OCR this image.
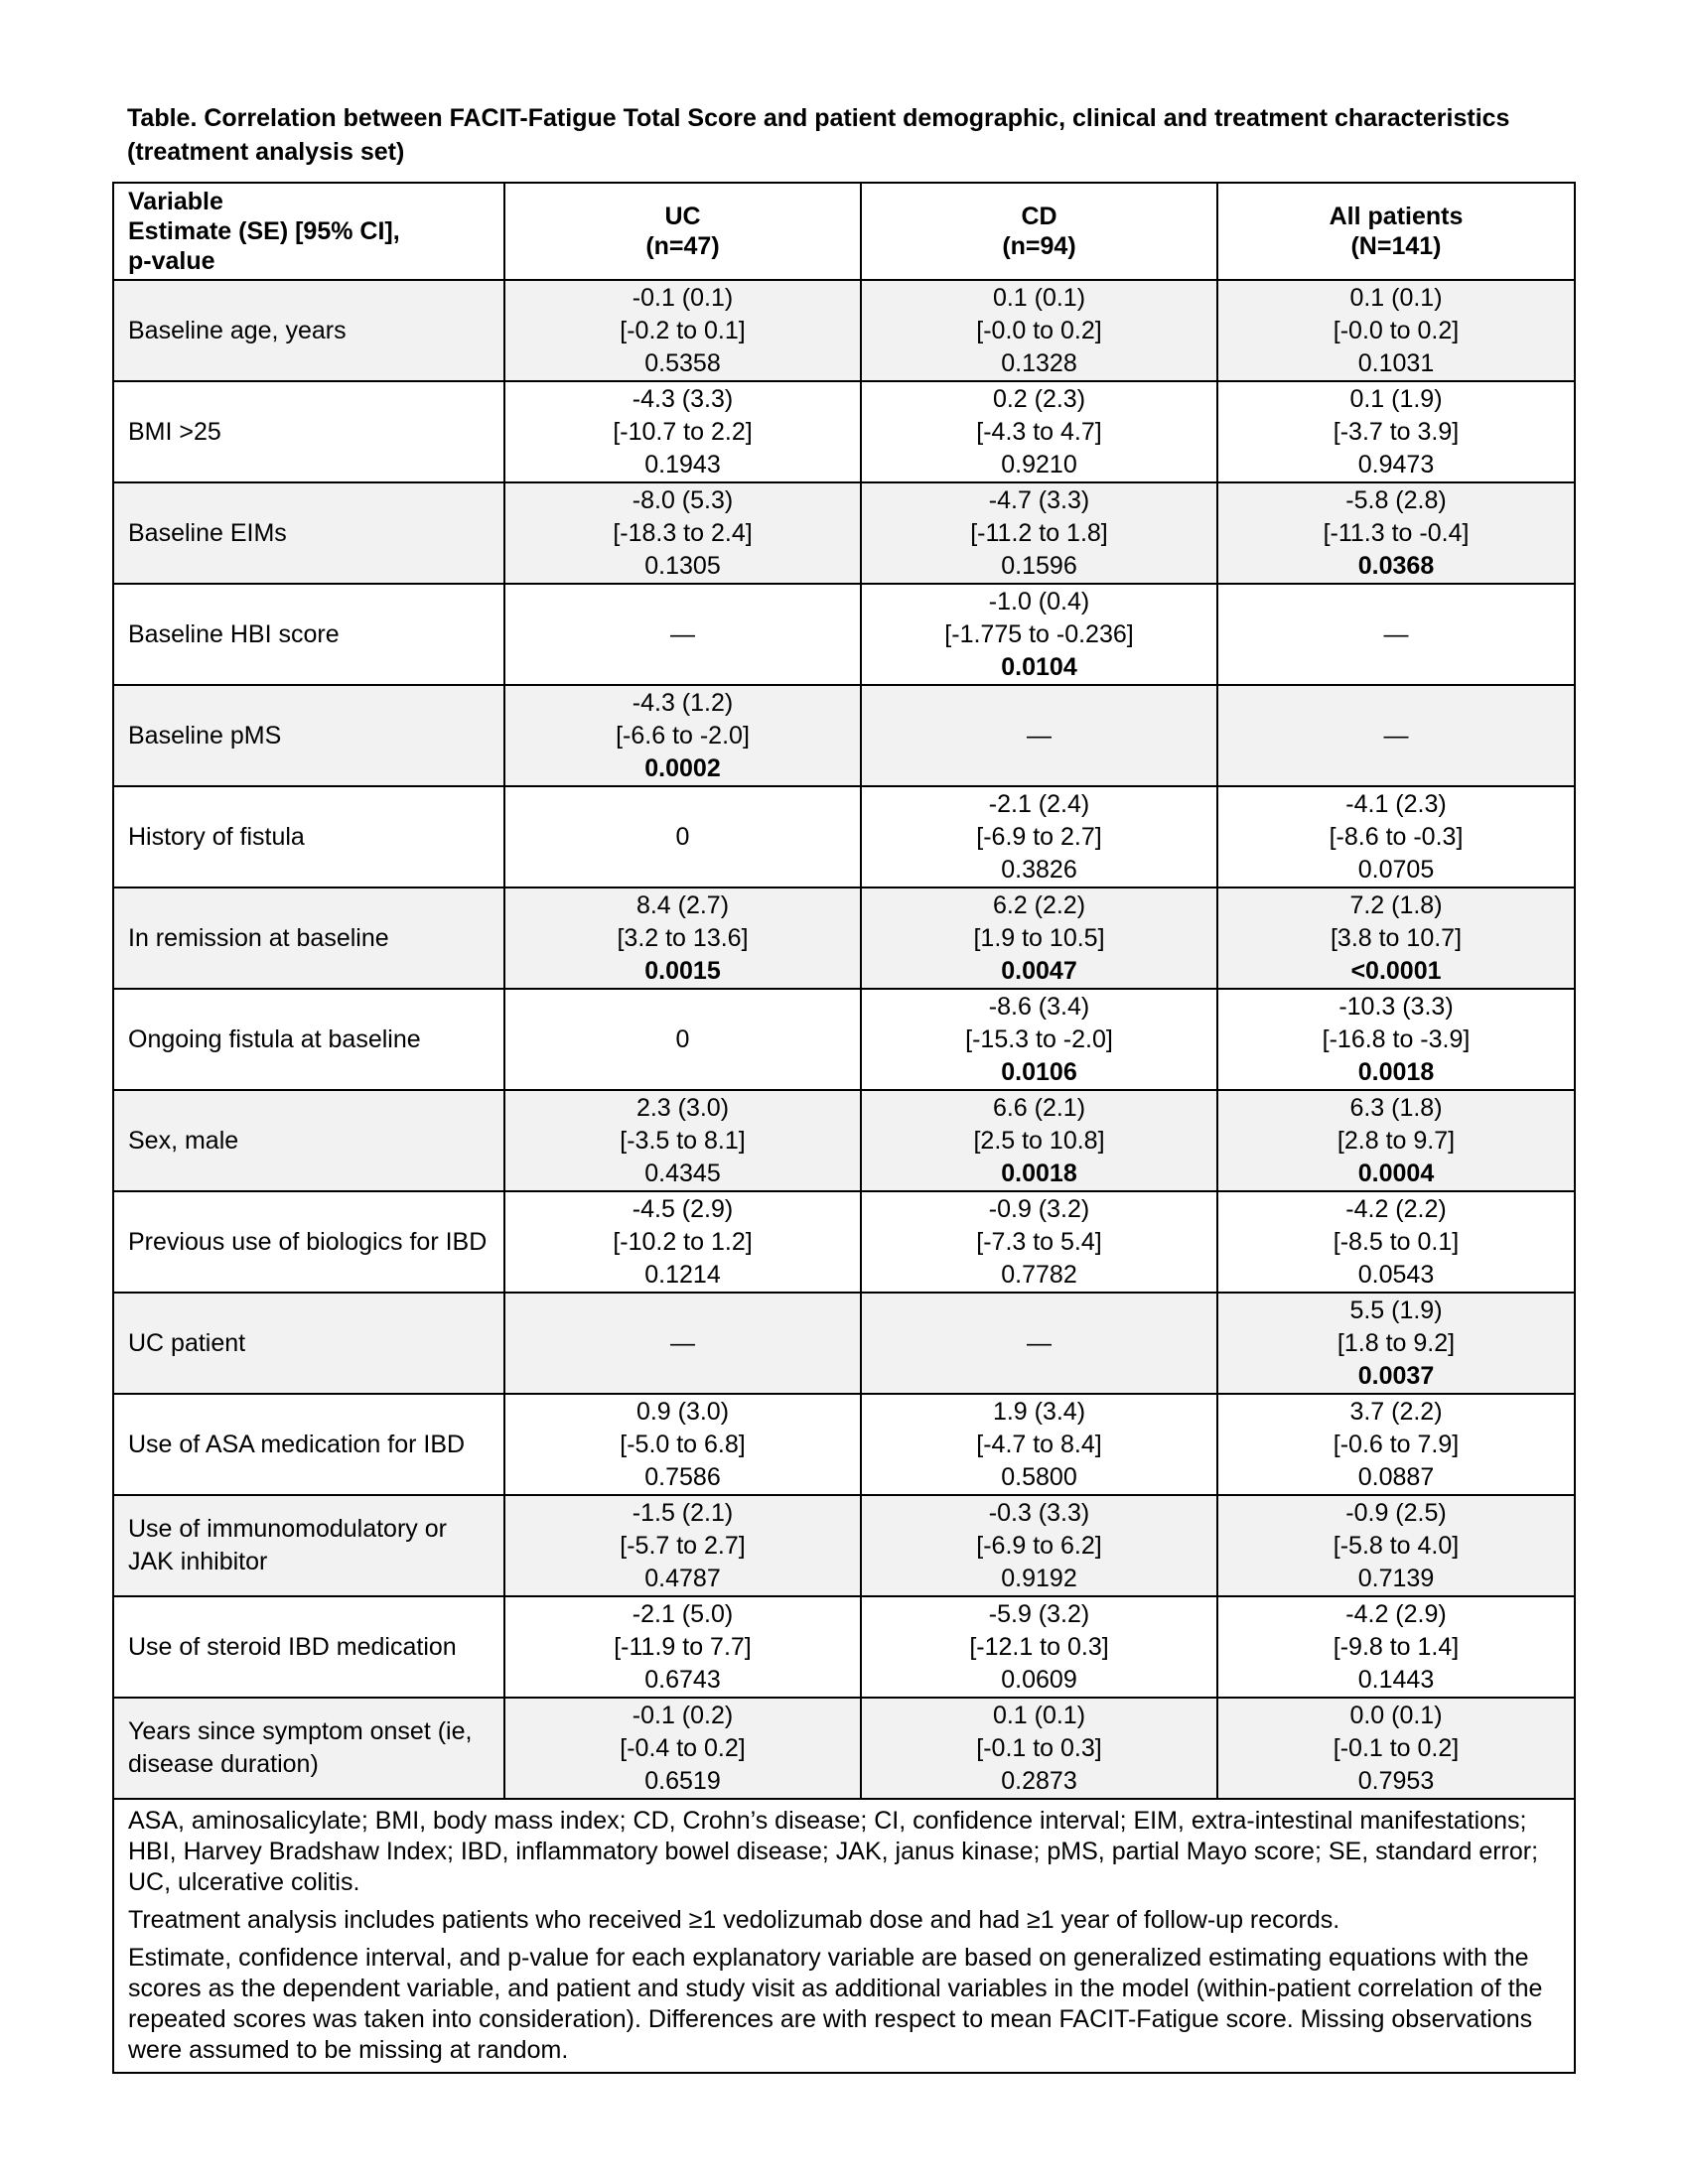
Table. Correlation between FACIT-Fatigue Total Score and patient demographic, clinical and treatment characteristics (treatment analysis set)
Variable
Estimate (SE) [95% CI],
p-value	UC
(n=47)	CD
(n=94)	All patients
(N=141)

Baseline age, years	-0.1 (0.1)
[-0.2 to 0.1]
0.5358	0.1 (0.1)
[-0.0 to 0.2]
0.1328	0.1 (0.1)
[-0.0 to 0.2]
0.1031

BMI >25	-4.3 (3.3)
[-10.7 to 2.2]
0.1943	0.2 (2.3)
[-4.3 to 4.7]
0.9210	0.1 (1.9)
[-3.7 to 3.9]
0.9473

Baseline EIMs	-8.0 (5.3)
[-18.3 to 2.4]
0.1305	-4.7 (3.3)
[-11.2 to 1.8]
0.1596	-5.8 (2.8)
[-11.3 to -0.4]
0.0368

Baseline HBI score	—	-1.0 (0.4)
[-1.775 to -0.236]
0.0104	—

Baseline pMS	-4.3 (1.2)
[-6.6 to -2.0]
0.0002	—	—

History of fistula	0	-2.1 (2.4)
[-6.9 to 2.7]
0.3826	-4.1 (2.3)
[-8.6 to -0.3]
0.0705

In remission at baseline	8.4 (2.7)
[3.2 to 13.6]
0.0015	6.2 (2.2)
[1.9 to 10.5]
0.0047	7.2 (1.8)
[3.8 to 10.7]
<0.0001

Ongoing fistula at baseline	0	-8.6 (3.4)
[-15.3 to -2.0]
0.0106	-10.3 (3.3)
[-16.8 to -3.9]
0.0018

Sex, male	2.3 (3.0)
[-3.5 to 8.1]
0.4345	6.6 (2.1)
[2.5 to 10.8]
0.0018	6.3 (1.8)
[2.8 to 9.7]
0.0004

Previous use of biologics for IBD	-4.5 (2.9)
[-10.2 to 1.2]
0.1214	-0.9 (3.2)
[-7.3 to 5.4]
0.7782	-4.2 (2.2)
[-8.5 to 0.1]
0.0543

UC patient	—	—	5.5 (1.9)
[1.8 to 9.2]
0.0037

Use of ASA medication for IBD	0.9 (3.0)
[-5.0 to 6.8]
0.7586	1.9 (3.4)
[-4.7 to 8.4]
0.5800	3.7 (2.2)
[-0.6 to 7.9]
0.0887

Use of immunomodulatory or JAK inhibitor	-1.5 (2.1)
[-5.7 to 2.7]
0.4787	-0.3 (3.3)
[-6.9 to 6.2]
0.9192	-0.9 (2.5)
[-5.8 to 4.0]
0.7139

Use of steroid IBD medication	-2.1 (5.0)
[-11.9 to 7.7]
0.6743	-5.9 (3.2)
[-12.1 to 0.3]
0.0609	-4.2 (2.9)
[-9.8 to 1.4]
0.1443

Years since symptom onset (ie, disease duration)	-0.1 (0.2)
[-0.4 to 0.2]
0.6519	0.1 (0.1)
[-0.1 to 0.3]
0.2873	0.0 (0.1)
[-0.1 to 0.2]
0.7953

ASA, aminosalicylate; BMI, body mass index; CD, Crohn’s disease; CI, confidence interval; EIM, extra-intestinal manifestations; HBI, Harvey Bradshaw Index; IBD, inflammatory bowel disease; JAK, janus kinase; pMS, partial Mayo score; SE, standard error; UC, ulcerative colitis.

Treatment analysis includes patients who received ≥1 vedolizumab dose and had ≥1 year of follow-up records.

Estimate, confidence interval, and p-value for each explanatory variable are based on generalized estimating equations with the scores as the dependent variable, and patient and study visit as additional variables in the model (within-patient correlation of the repeated scores was taken into consideration). Differences are with respect to mean FACIT-Fatigue score. Missing observations were assumed to be missing at random.			
